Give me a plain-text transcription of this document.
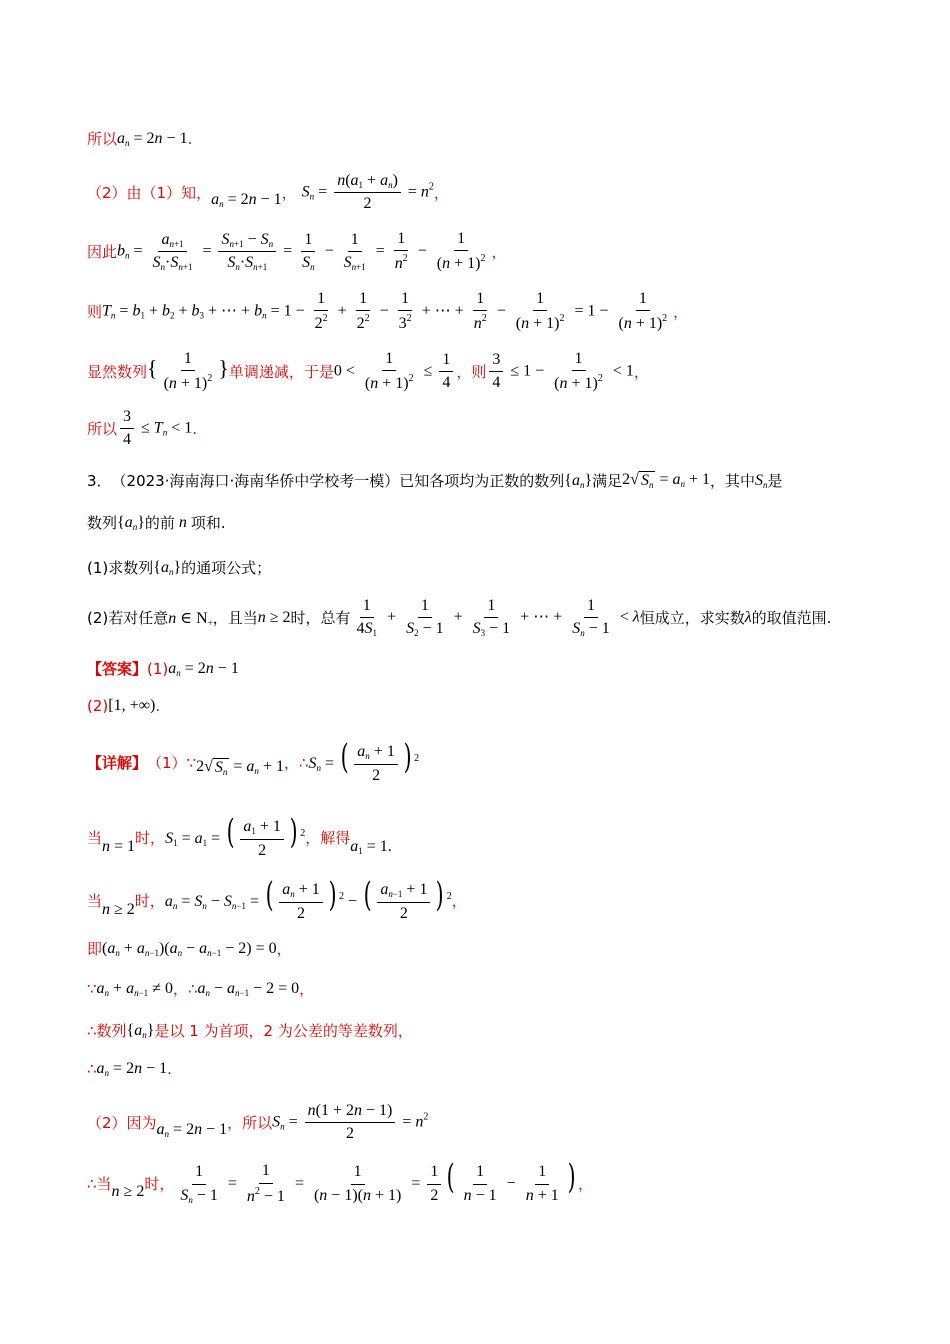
所以 $a_n = 2n - 1$ .
（2）由（1）知， $a_n = 2n - 1$ ， $S_n = \frac{n(a_1 + a_n)}{2} = n^2$ ，
因此 $b_n = \frac{a_{n+1}}{S_n\cdot S_{n+1}} = \frac{S_{n+1} - S_n}{S_n\cdot S_{n+1}} = \frac{1}{S_n} - \frac{1}{S_{n+1}} = \frac{1}{n^2} - \frac{1}{(n + 1)^2}$ ，
则 $T_n = b_1 + b_2 + b_3$ + ⋯ + $b_n = 1 - \frac{1}{2^2} + \frac{1}{2^2} - \frac{1}{3^2}$ + ⋯ + $\frac{1}{n^2} - \frac{1}{(n + 1)^2} = 1 - \frac{1}{(n + 1)^2}$ ，
显然数列 { $\frac{1}{(n + 1)^2}$ } 单调递减，于是 $0 < \frac{1}{(n + 1)^2} \le \frac{1}{4}$ ，则 $\frac{3}{4} \le 1 - \frac{1}{(n + 1)^2} < 1$ ，
所以 $\frac{3}{4} \le T_n < 1$ .
3． （2023·海南海口·海南华侨中学校考一模） 已知各项均为正数的数列 $\{a_n\}$ 满足 2√ $S_n = a_n + 1$ ，其中 $S_n$ 是
数列 $\{a_n\}$ 的前 n 项和.
(1)求数列 $\{a_n\}$ 的通项公式；
(2)若对任意 n ∈ $N_+$ ，且当 n ≥ 2 时，总有 $\frac{1}{4S_1} + \frac{1}{S_2 - 1} + \frac{1}{S_3 - 1}$ + ⋯ + $\frac{1}{S_n - 1} < \lambda$ 恒成立，求实数 λ 的取值范围.
【答案】 (1) $a_n = 2n - 1$
(2) [1, +∞) .
【详解】 （1）∵ 2√ $S_n = a_n + 1$ ，∴ $S_n$ = ( $\frac{a_n + 1}{2}$ ) $^2$
当 n = 1 时， $S_1 = a_1$ = ( $\frac{a_1 + 1}{2}$ ) $^2$ ，解得 $a_1 = 1$.
当 n ≥ 2 时， $a_n = S_n - S_{n-1}$ = ( $\frac{a_n + 1}{2}$ ) $^2$ − ( $\frac{a_{n-1} + 1}{2}$ ) $^2$ ，
即 $(a_n + a_{n-1})(a_n - a_{n-1} - 2) = 0$ ，
∵ $a_n + a_{n-1} \ne 0$ ，∴ $a_n - a_{n-1} - 2 = 0$ ，
∴数列 $\{a_n\}$ 是以 1 为首项，2 为公差的等差数列，
∴ $a_n = 2n - 1$ .
（2）因为 $a_n = 2n - 1$ ，所以 $S_n = \frac{n(1 + 2n - 1)}{2} = n^2$
∴当 n ≥ 2 时， $\frac{1}{S_n - 1} = \frac{1}{n^2 - 1} = \frac{1}{(n - 1)(n + 1)} = \frac{1}{2}$ ( $\frac{1}{n - 1} - \frac{1}{n + 1}$ ) ，
